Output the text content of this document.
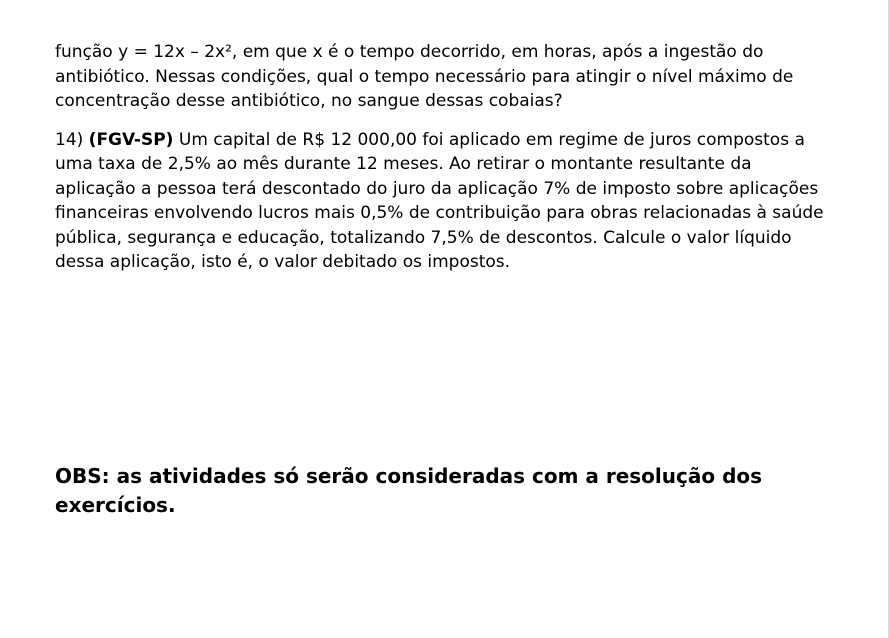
função y = 12x – 2x², em que x é o tempo decorrido, em horas, após a ingestão do antibiótico. Nessas condições, qual o tempo necessário para atingir o nível máximo de concentração desse antibiótico, no sangue dessas cobaias?

14) (FGV-SP) Um capital de R$ 12 000,00 foi aplicado em regime de juros compostos a uma taxa de 2,5% ao mês durante 12 meses. Ao retirar o montante resultante da aplicação a pessoa terá descontado do juro da aplicação 7% de imposto sobre aplicações financeiras envolvendo lucros mais 0,5% de contribuição para obras relacionadas à saúde pública, segurança e educação, totalizando 7,5% de descontos. Calcule o valor líquido dessa aplicação, isto é, o valor debitado os impostos.

OBS: as atividades só serão consideradas com a resolução dos exercícios.
